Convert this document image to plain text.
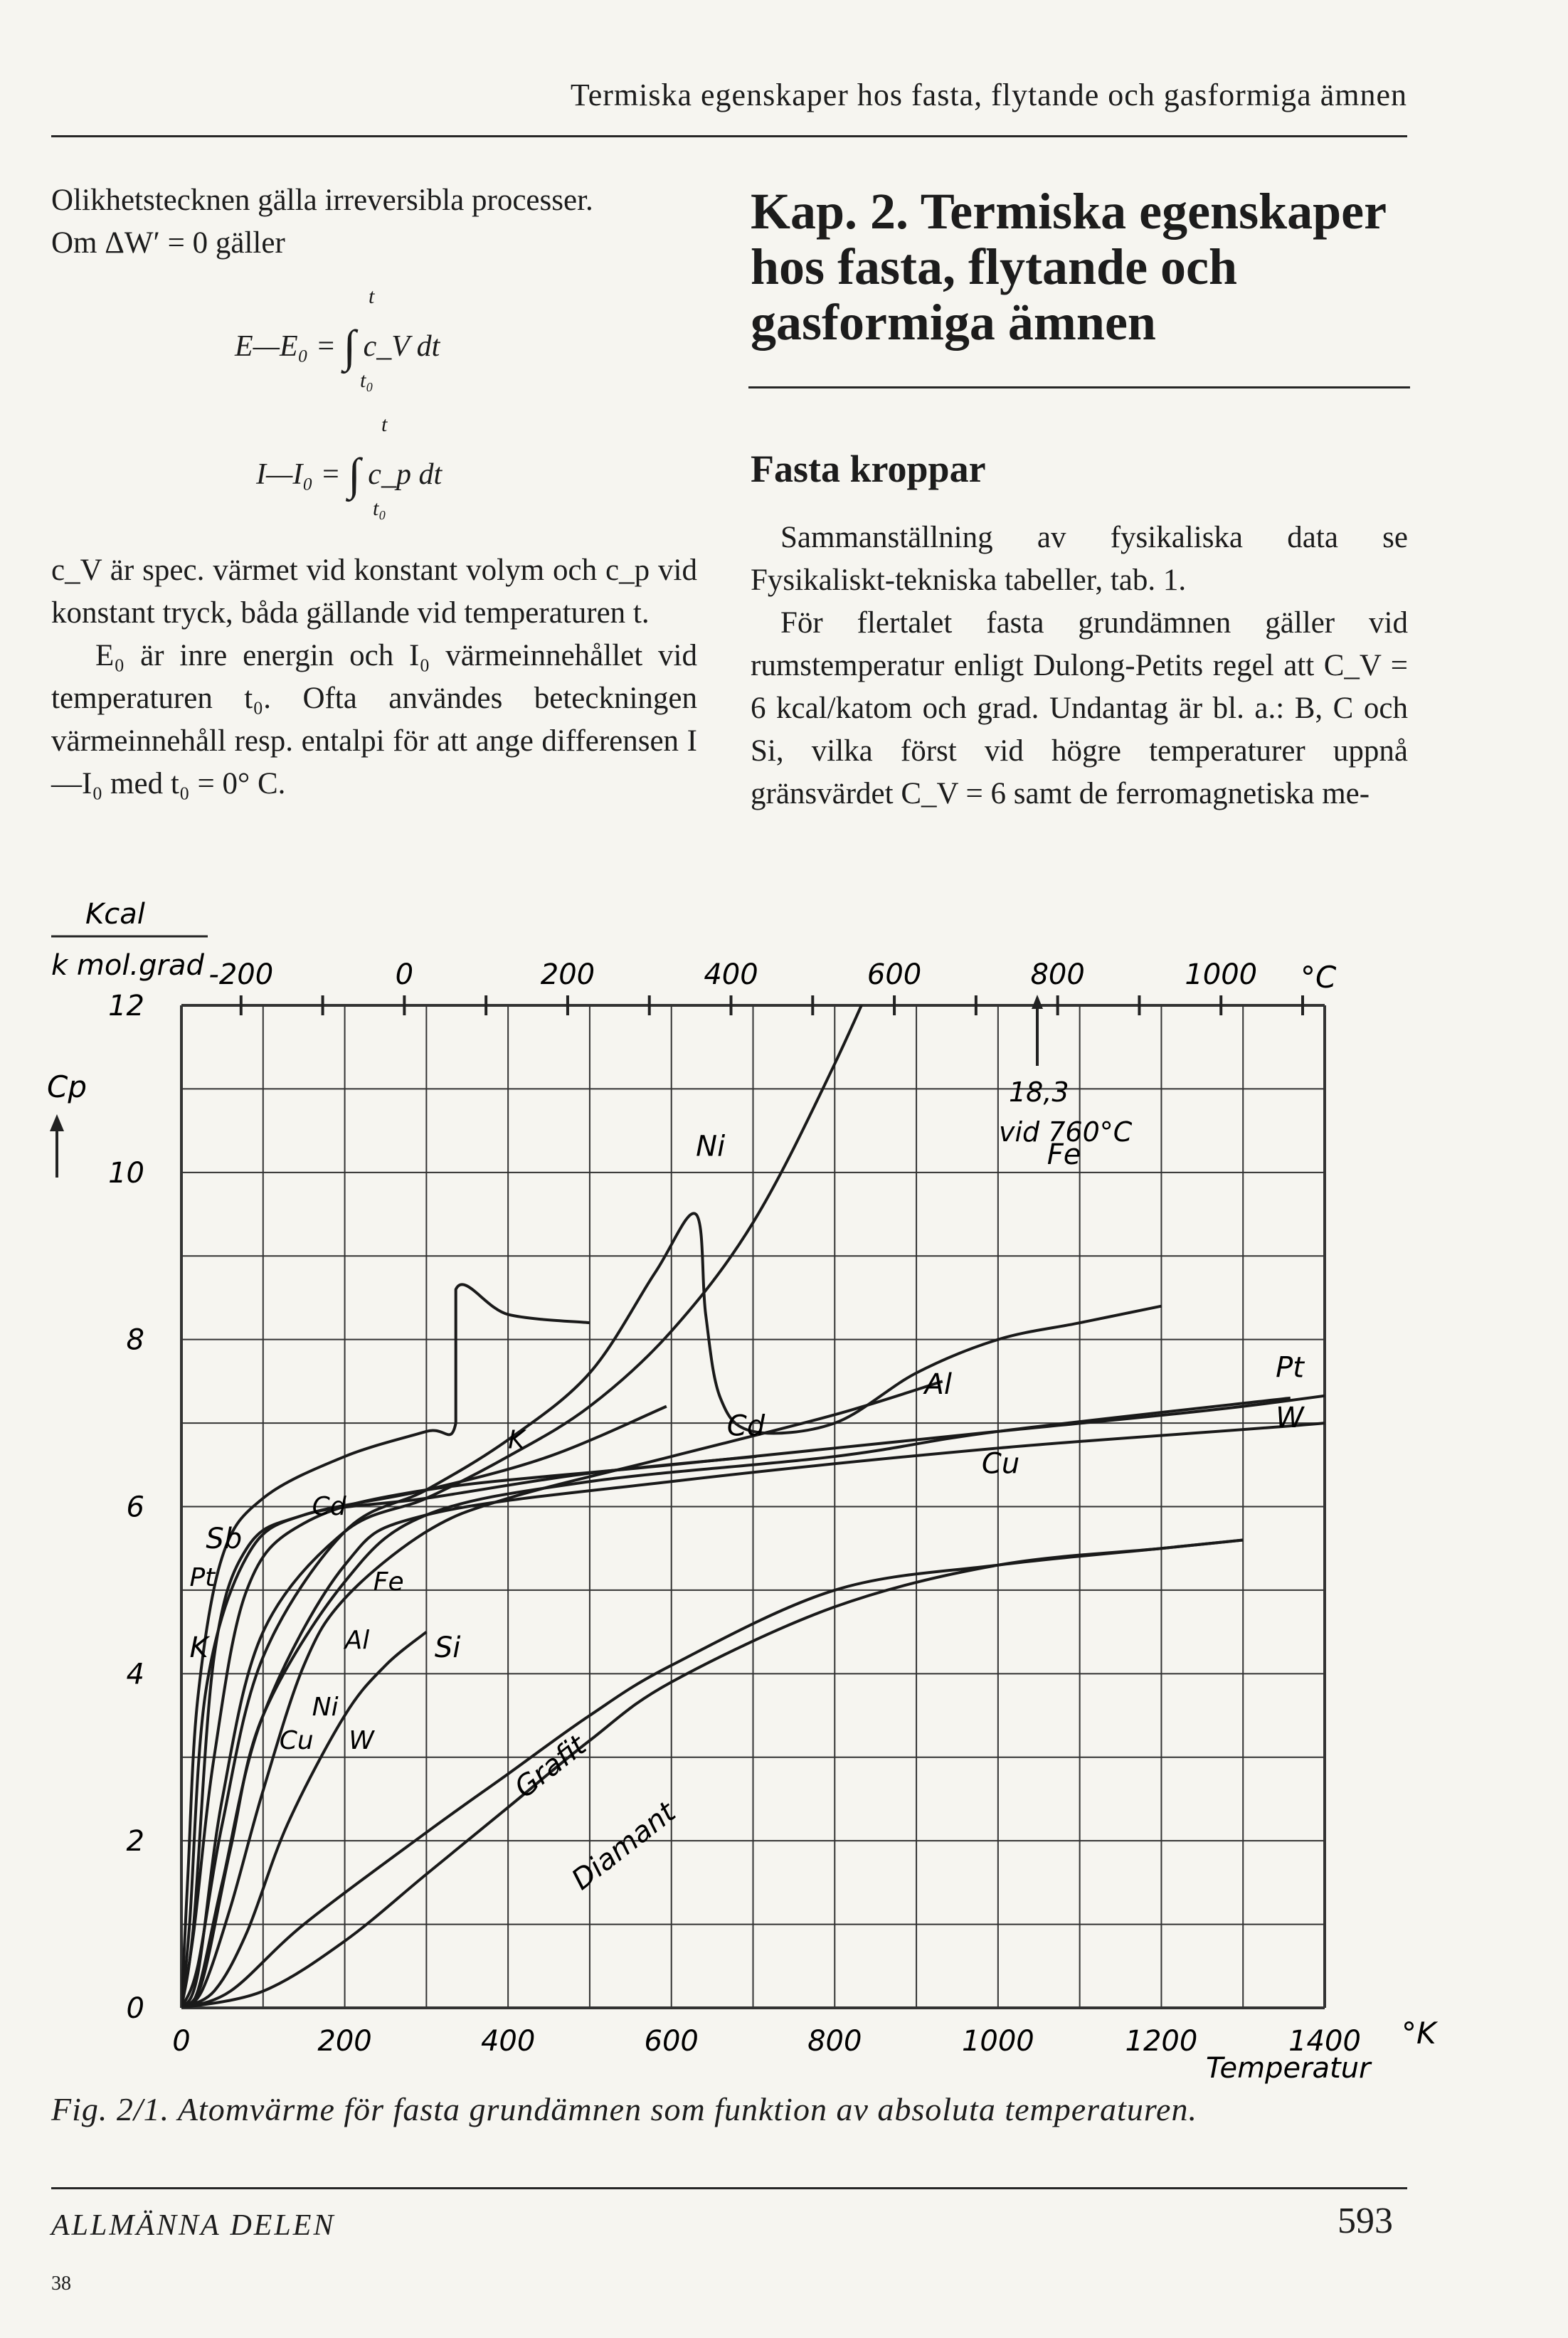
Termiska egenskaper hos fasta, flytande och gasformiga ämnen

Olikhetstecknen gälla irreversibla processer.

Om ΔW′ = 0 gäller

t
E—E₀ = ∫ c_V dt
t₀
t
I—I₀ = ∫ c_p dt
t₀

c_V är spec. värmet vid konstant volym och c_p vid konstant tryck, båda gällande vid temperaturen t.

E₀ är inre energin och I₀ värmeinnehållet vid temperaturen t₀. Ofta användes beteckningen värmeinnehåll resp. entalpi för att ange differensen I—I₀ med t₀ = 0° C.

Kap. 2. Termiska egenskaper hos fasta, flytande och gasformiga ämnen
Fasta kroppar

Sammanställning av fysikaliska data se Fysikaliskt-tekniska tabeller, tab. 1.

För flertalet fasta grundämnen gäller vid rumstemperatur enligt Dulong-Petits regel att C_V = 6 kcal/katom och grad. Undantag är bl. a.: B, C och Si, vilka först vid högre temperaturer uppnå gränsvärdet C_V = 6 samt de ferromagnetiska me-

Kcal
k mol.grad
Cp
0
2
4
6
8
10
12
0	200	400	600	800	1000	1200	1400
-200	0	200	400	600	800	1000 °C
°K
Temperatur
Fe
Ni
Cd
Al
Cu
Pt
W
Sb
K	Si
Grafit
Diamant
K
Cd
Pt	Fe
Al
Ni
Cu W
18,3
vid 760°C
Fig. 2/1. Atomvärme för fasta grundämnen som funktion av absoluta temperaturen.
ALLMÄNNA DELEN	593
38
